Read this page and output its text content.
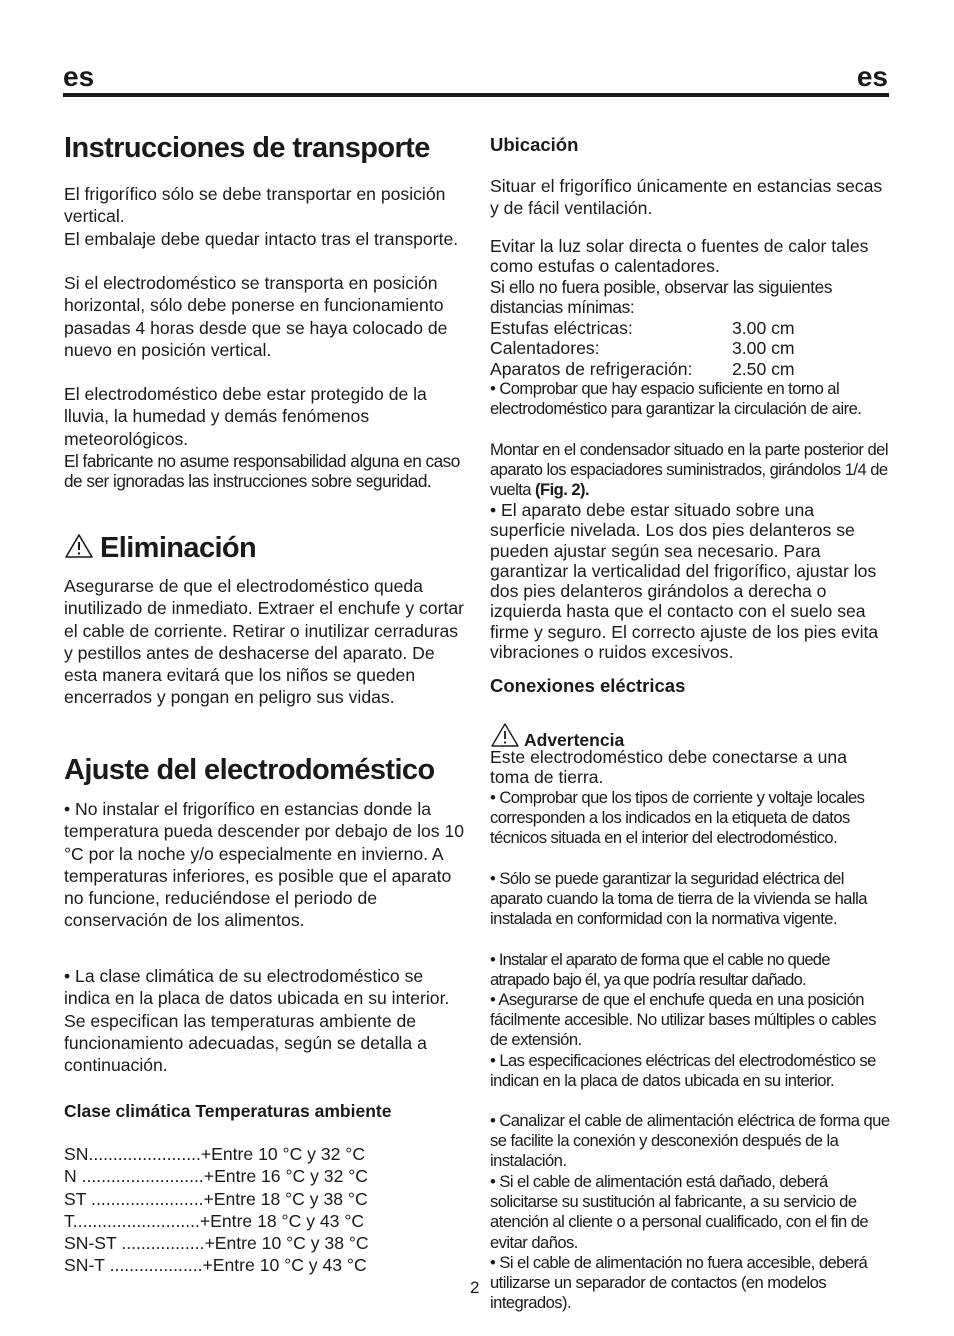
es	es
Instrucciones de transporte

El frigorífico sólo se debe transportar en posición vertical.

El embalaje debe quedar intacto tras el transporte.

Si el electrodoméstico se transporta en posición horizontal, sólo debe ponerse en funcionamiento pasadas 4 horas desde que se haya colocado de nuevo en posición vertical.

El electrodoméstico debe estar protegido de la lluvia, la humedad y demás fenómenos meteorológicos.

El fabricante no asume responsabilidad alguna en caso de ser ignoradas las instrucciones sobre seguridad.

Eliminación

Asegurarse de que el electrodoméstico queda inutilizado de inmediato. Extraer el enchufe y cortar el cable de corriente. Retirar o inutilizar cerraduras y pestillos antes de deshacerse del aparato. De esta manera evitará que los niños se queden encerrados y pongan en peligro sus vidas.

Ajuste del electrodoméstico

• No instalar el frigorífico en estancias donde la temperatura pueda descender por debajo de los 10 °C por la noche y/o especialmente en invierno. A temperaturas inferiores, es posible que el aparato no funcione, reduciéndose el periodo de conservación de los alimentos.

• La clase climática de su electrodoméstico se indica en la placa de datos ubicada en su interior. Se especifican las temperaturas ambiente de funcionamiento adecuadas, según se detalla a continuación.

Clase climática Temperaturas ambiente
SN.......................+Entre 10 °C y 32 °C
N .........................+Entre 16 °C y 32 °C
ST .......................+Entre 18 °C y 38 °C
T..........................+Entre 18 °C y 43 °C
SN-ST .................+Entre 10 °C y 38 °C
SN-T ...................+Entre 10 °C y 43 °C
Ubicación

Situar el frigorífico únicamente en estancias secas y de fácil ventilación.

Evitar la luz solar directa o fuentes de calor tales como estufas o calentadores.

Si ello no fuera posible, observar las siguientes distancias mínimas:

Estufas eléctricas:	3.00 cm
Calentadores:	3.00 cm
Aparatos de refrigeración:	2.50 cm

• Comprobar que hay espacio suficiente en torno al electrodoméstico para garantizar la circulación de aire.

Montar en el condensador situado en la parte posterior del aparato los espaciadores suministrados, girándolos 1/4 de vuelta (Fig. 2).

• El aparato debe estar situado sobre una superficie nivelada. Los dos pies delanteros se pueden ajustar según sea necesario. Para garantizar la verticalidad del frigorífico, ajustar los dos pies delanteros girándolos a derecha o izquierda hasta que el contacto con el suelo sea firme y seguro. El correcto ajuste de los pies evita vibraciones o ruidos excesivos.

Conexiones eléctricas
Advertencia

Este electrodoméstico debe conectarse a una toma de tierra.

• Comprobar que los tipos de corriente y voltaje locales corresponden a los indicados en la etiqueta de datos técnicos situada en el interior del electrodoméstico.

• Sólo se puede garantizar la seguridad eléctrica del aparato cuando la toma de tierra de la vivienda se halla instalada en conformidad con la normativa vigente.

• Instalar el aparato de forma que el cable no quede atrapado bajo él, ya que podría resultar dañado.

• Asegurarse de que el enchufe queda en una posición fácilmente accesible. No utilizar bases múltiples o cables de extensión.

• Las especificaciones eléctricas del electrodoméstico se indican en la placa de datos ubicada en su interior.

• Canalizar el cable de alimentación eléctrica de forma que se facilite la conexión y desconexión después de la instalación.

• Si el cable de alimentación está dañado, deberá solicitarse su sustitución al fabricante, a su servicio de atención al cliente o a personal cualificado, con el fin de evitar daños.

• Si el cable de alimentación no fuera accesible, deberá utilizarse un separador de contactos (en modelos integrados).

2
